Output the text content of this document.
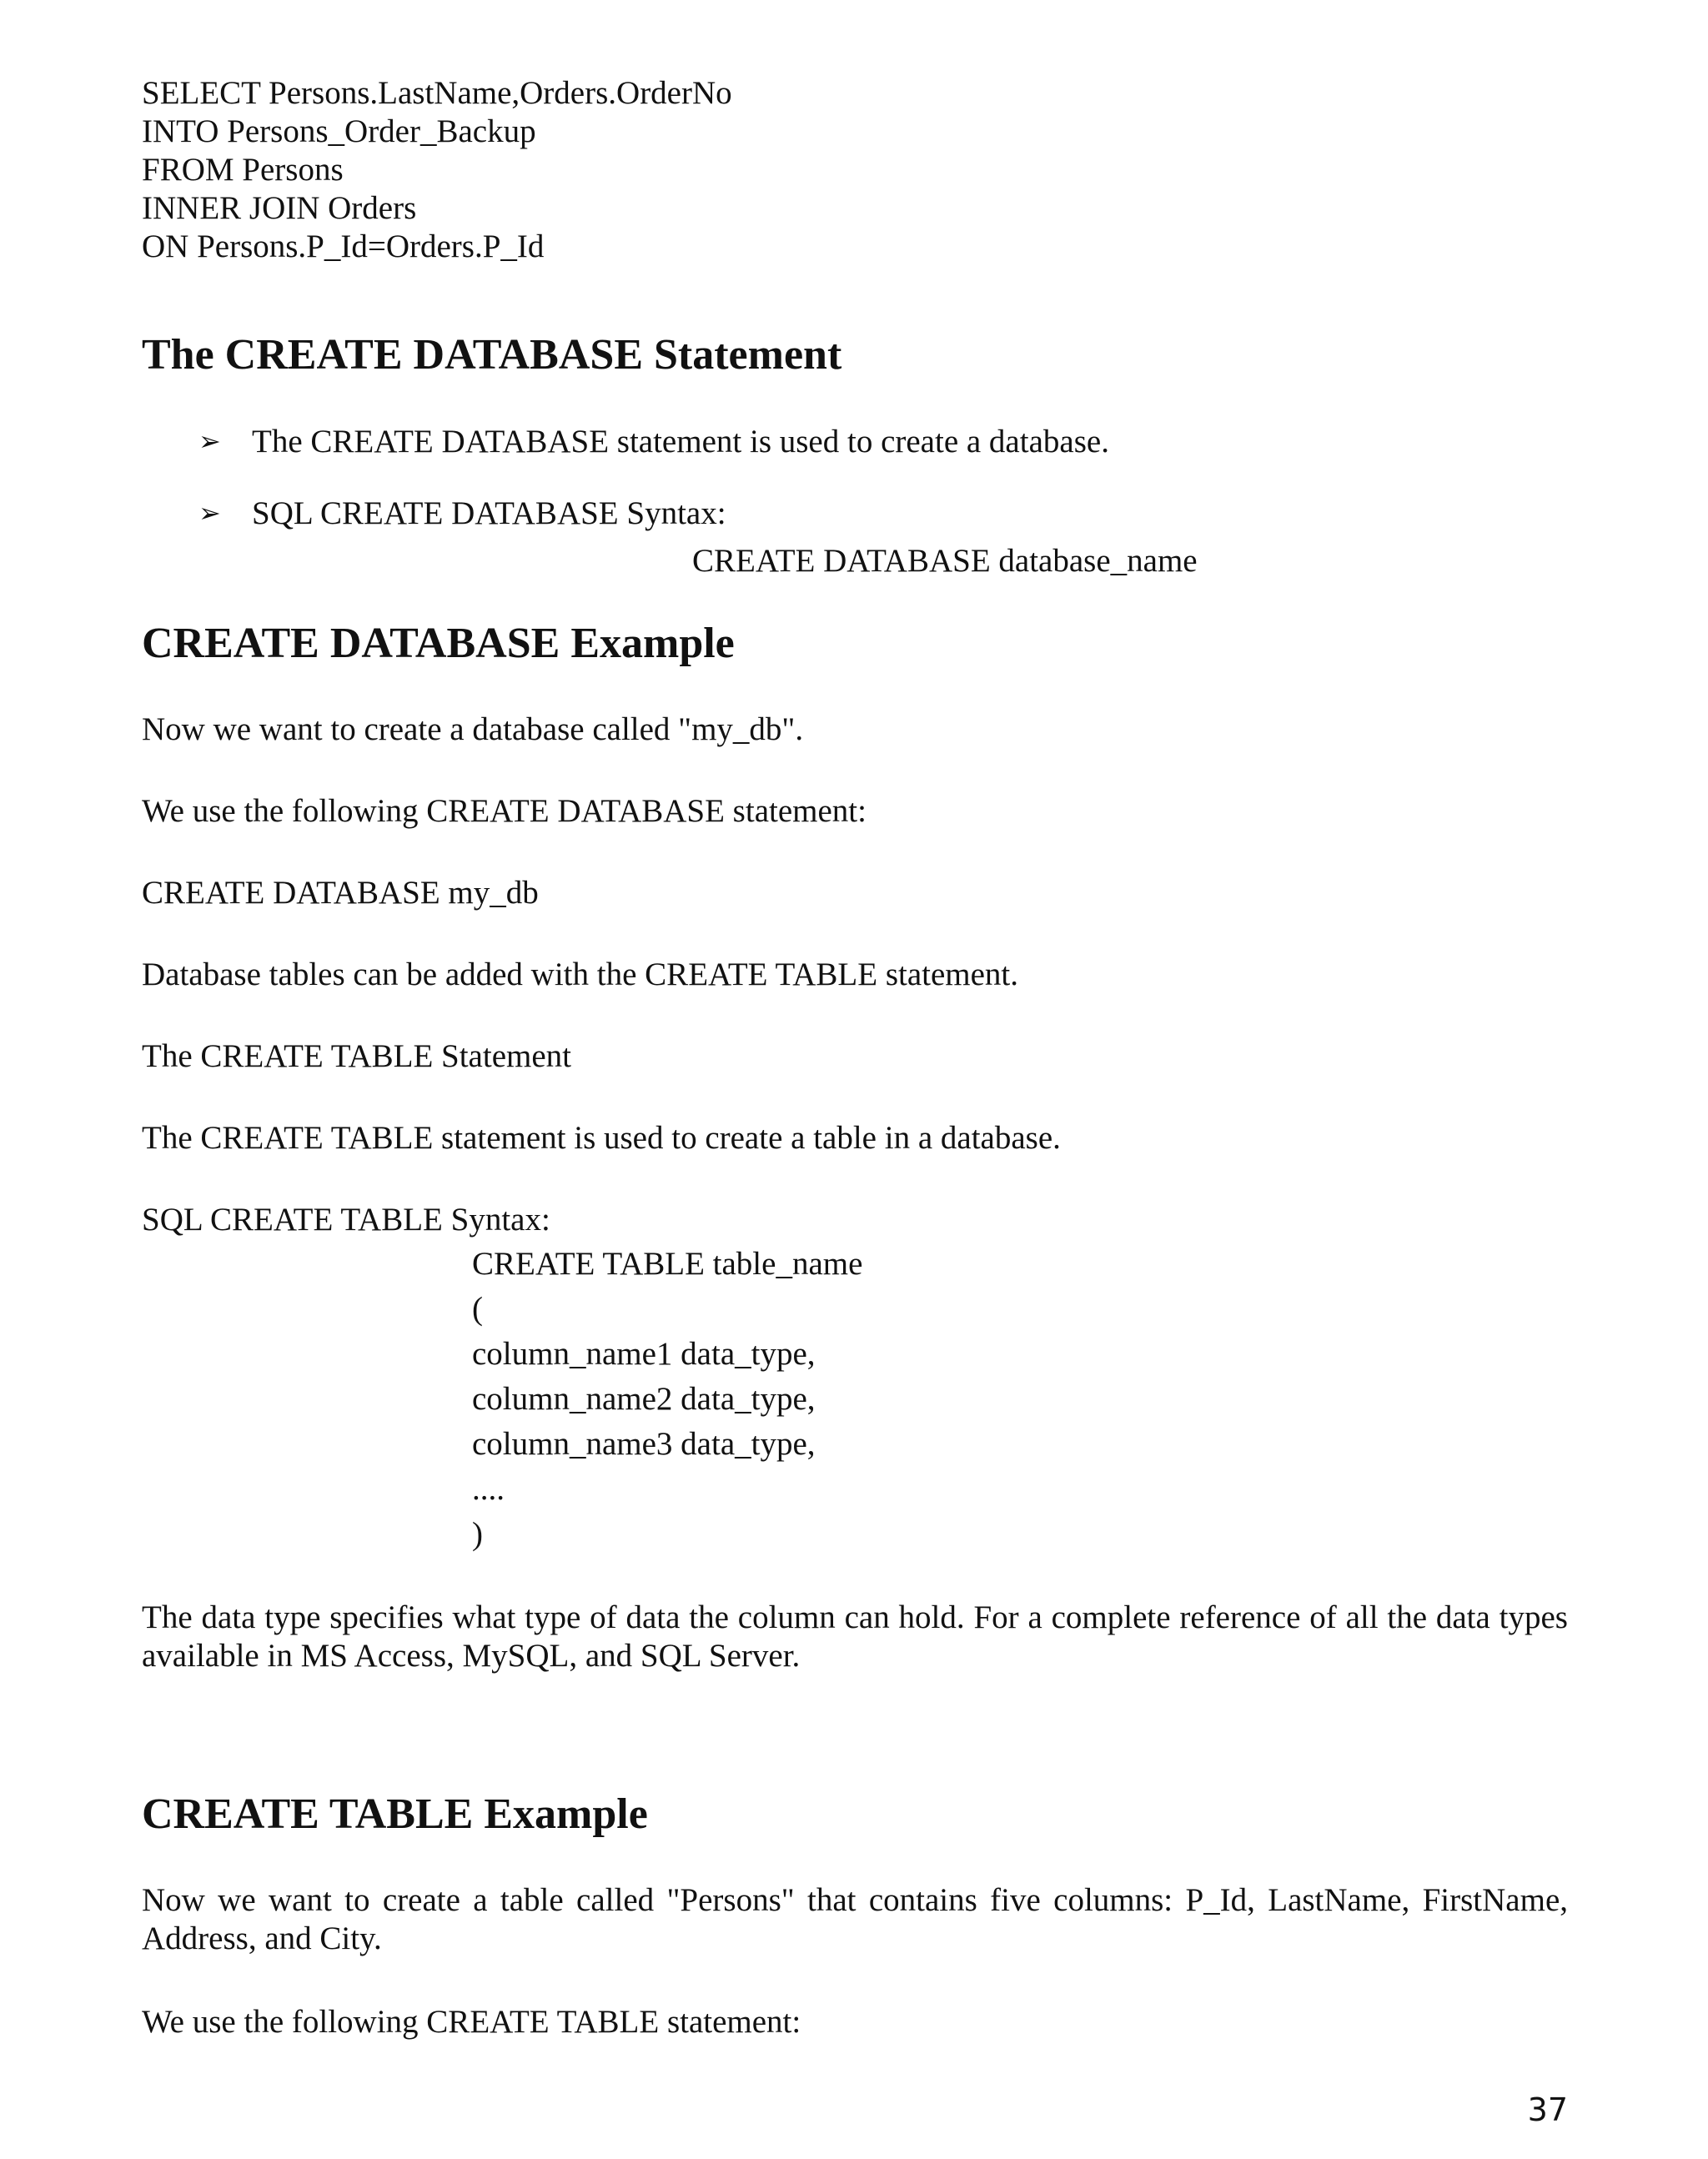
SELECT Persons.LastName,Orders.OrderNo
INTO Persons_Order_Backup
FROM Persons
INNER JOIN Orders
ON Persons.P_Id=Orders.P_Id
The CREATE DATABASE Statement
➢ The CREATE DATABASE statement is used to create a database.
➢ SQL CREATE DATABASE Syntax:
CREATE DATABASE database_name
CREATE DATABASE Example
Now we want to create a database called "my_db".
We use the following CREATE DATABASE statement:
CREATE DATABASE my_db
Database tables can be added with the CREATE TABLE statement.
The CREATE TABLE Statement
The CREATE TABLE statement is used to create a table in a database.
SQL CREATE TABLE Syntax:
CREATE TABLE table_name
(
column_name1 data_type,
column_name2 data_type,
column_name3 data_type,
....
)
The data type specifies what type of data the column can hold. For a complete reference of all the data types available in MS Access, MySQL, and SQL Server.
CREATE TABLE Example
Now we want to create a table called "Persons" that contains five columns: P_Id, LastName, FirstName, Address, and City.
We use the following CREATE TABLE statement:
37
